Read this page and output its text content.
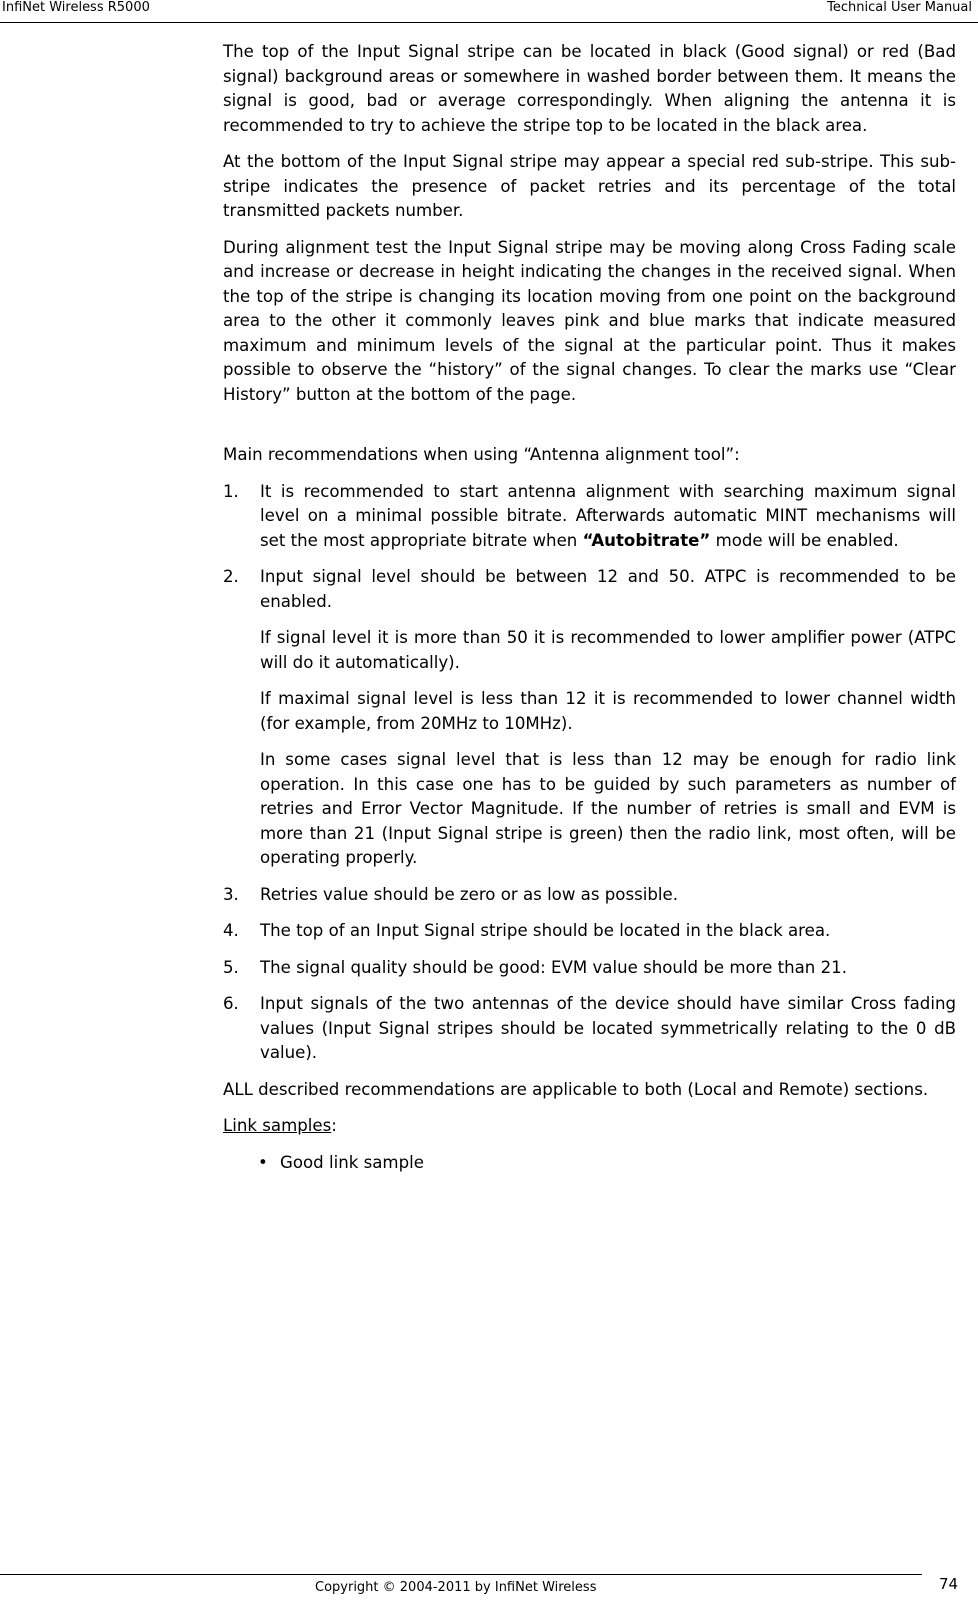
InfiNet Wireless R5000	Technical User Manual

The top of the Input Signal stripe can be located in black (Good signal) or red (Bad signal) background areas or somewhere in washed border between them. It means the signal is good, bad or average correspondingly. When aligning the antenna it is recommended to try to achieve the stripe top to be located in the black area.

At the bottom of the Input Signal stripe may appear a special red sub-stripe. This sub-stripe indicates the presence of packet retries and its percentage of the total transmitted packets number.

During alignment test the Input Signal stripe may be moving along Cross Fading scale and increase or decrease in height indicating the changes in the received signal. When the top of the stripe is changing its location moving from one point on the background area to the other it commonly leaves pink and blue marks that indicate measured maximum and minimum levels of the signal at the particular point. Thus it makes possible to observe the “history” of the signal changes. To clear the marks use “Clear History” button at the bottom of the page.

Main recommendations when using “Antenna alignment tool”:

1. It is recommended to start antenna alignment with searching maximum signal level on a minimal possible bitrate. Afterwards automatic MINT mechanisms will set the most appropriate bitrate when “Autobitrate” mode will be enabled.

2. Input signal level should be between 12 and 50. ATPC is recommended to be enabled.

If signal level it is more than 50 it is recommended to lower amplifier power (ATPC will do it automatically).

If maximal signal level is less than 12 it is recommended to lower channel width (for example, from 20MHz to 10MHz).

In some cases signal level that is less than 12 may be enough for radio link operation. In this case one has to be guided by such parameters as number of retries and Error Vector Magnitude. If the number of retries is small and EVM is more than 21 (Input Signal stripe is green) then the radio link, most often, will be operating properly.

3. Retries value should be zero or as low as possible.

4. The top of an Input Signal stripe should be located in the black area.

5. The signal quality should be good: EVM value should be more than 21.

6. Input signals of the two antennas of the device should have similar Cross fading values (Input Signal stripes should be located symmetrically relating to the 0 dB value).

ALL described recommendations are applicable to both (Local and Remote) sections.

Link samples:

• Good link sample
Copyright © 2004-2011 by InfiNet Wireless	74
